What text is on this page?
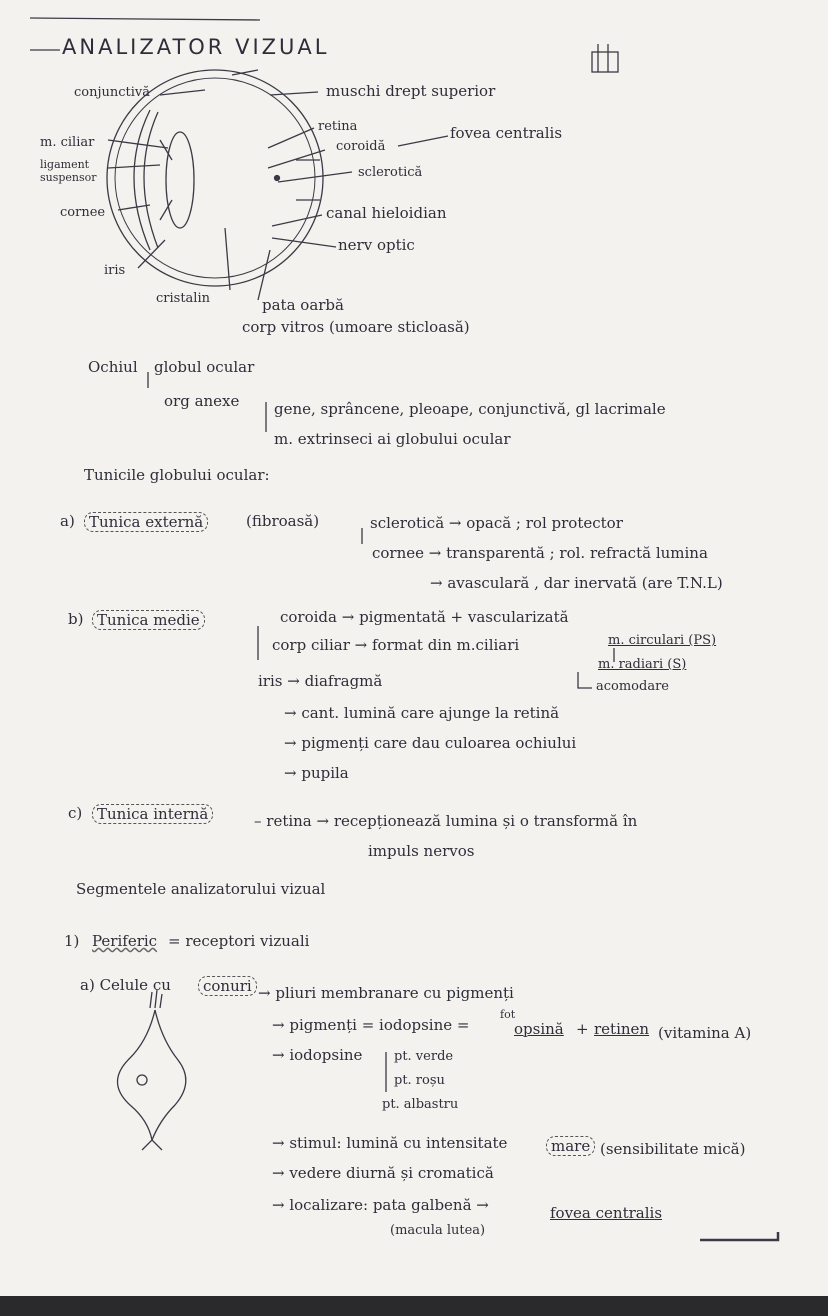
ANALIZATOR VIZUAL
conjunctivă
m. ciliar
ligament
suspensor
cornee
iris
cristalin
muschi drept superior
retina
coroidă
fovea centralis
sclerotică
canal hieloidian
nerv optic
pata oarbă
corp vitros (umoare sticloasă)
Ochiul globul ocular
org anexe gene, sprâncene, pleoape, conjunctivă, gl lacrimale
m. extrinseci ai globului ocular
Tunicile globului ocular:
a) Tunica externă	(fibroasă)	sclerotică → opacă ; rol protector
cornee → transparentă ; rol. refractă lumina
→ avasculară , dar inervată (are T.N.L)
b) Tunica medie	coroida → pigmentată + vascularizată
corp ciliar → format din m.ciliari	m. circulari (PS)
m. radiari (S)
acomodare
iris → diafragmă
→ cant. lumină care ajunge la retină
→ pigmenți care dau culoarea ochiului
→ pupila
c) Tunica internă	– retina → recepționează lumina și o transformă în
impuls nervos
Segmentele analizatorului vizual
1) Periferic = receptori vizuali
a) Celule cu	conuri → pliuri membranare cu pigmenți
→ pigmenți = iodopsine =
fot
opsină + retinen (vitamina A)
→ iodopsine pt. verde
pt. roșu
pt. albastru
→ stimul: lumină cu intensitate	mare (sensibilitate mică)
→ vedere diurnă și cromatică
→ localizare: pata galbenă →	fovea centralis
(macula lutea)
